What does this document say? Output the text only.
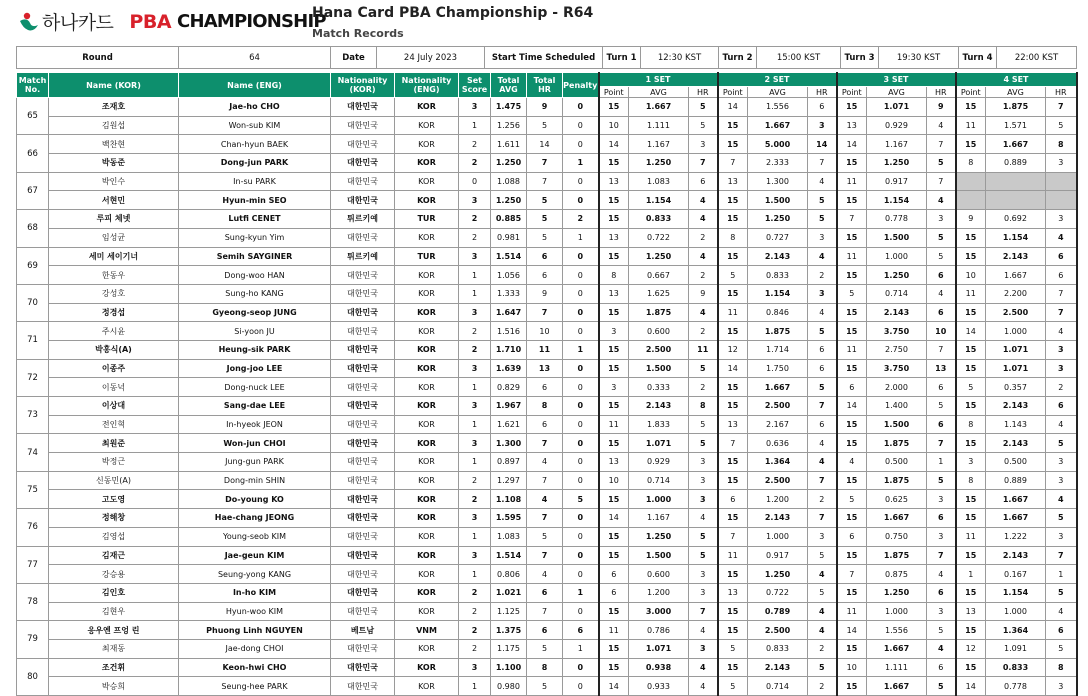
하나카드 PBA CHAMPIONSHIP
Hana Card PBA Championship - R64
Match Records
Round	64	Date	24 July 2023	Start Time Scheduled	Turn 1	12:30 KST	Turn 2	15:00 KST	Turn 3	19:30 KST	Turn 4	22:00 KST
Match No.	Name (KOR)	Name (ENG)	Nationality (KOR)	Nationality (ENG)	Set Score	Total AVG	Total HR	Penalty	1 SET			2 SET			3 SET			4 SET		
									Point	AVG	HR	Point	AVG	HR	Point	AVG	HR	Point	AVG	HR
65	조재호	Jae-ho CHO	대한민국	KOR	3	1.475	9	0	15	1.667	5	14	1.556	6	15	1.071	9	15	1.875	7
	김원섭	Won-sub KIM	대한민국	KOR	1	1.256	5	0	10	1.111	5	15	1.667	3	13	0.929	4	11	1.571	5
66	백찬현	Chan-hyun BAEK	대한민국	KOR	2	1.611	14	0	14	1.167	3	15	5.000	14	14	1.167	7	15	1.667	8
	박동준	Dong-jun PARK	대한민국	KOR	2	1.250	7	1	15	1.250	7	7	2.333	7	15	1.250	5	8	0.889	3
67	박인수	In-su PARK	대한민국	KOR	0	1.088	7	0	13	1.083	6	13	1.300	4	11	0.917	7			
	서현민	Hyun-min SEO	대한민국	KOR	3	1.250	5	0	15	1.154	4	15	1.500	5	15	1.154	4			
68	루피 체넷	Lutfi CENET	튀르키예	TUR	2	0.885	5	2	15	0.833	4	15	1.250	5	7	0.778	3	9	0.692	3
	임성균	Sung-kyun Yim	대한민국	KOR	2	0.981	5	1	13	0.722	2	8	0.727	3	15	1.500	5	15	1.154	4
69	세미 세이기너	Semih SAYGINER	튀르키예	TUR	3	1.514	6	0	15	1.250	4	15	2.143	4	11	1.000	5	15	2.143	6
	한동우	Dong-woo HAN	대한민국	KOR	1	1.056	6	0	8	0.667	2	5	0.833	2	15	1.250	6	10	1.667	6
70	강성호	Sung-ho KANG	대한민국	KOR	1	1.333	9	0	13	1.625	9	15	1.154	3	5	0.714	4	11	2.200	7
	정경섭	Gyeong-seop JUNG	대한민국	KOR	3	1.647	7	0	15	1.875	4	11	0.846	4	15	2.143	6	15	2.500	7
71	주시윤	Si-yoon JU	대한민국	KOR	2	1.516	10	0	3	0.600	2	15	1.875	5	15	3.750	10	14	1.000	4
	박홍식(A)	Heung-sik PARK	대한민국	KOR	2	1.710	11	1	15	2.500	11	12	1.714	6	11	2.750	7	15	1.071	3
72	이종주	Jong-joo LEE	대한민국	KOR	3	1.639	13	0	15	1.500	5	14	1.750	6	15	3.750	13	15	1.071	3
	이동넉	Dong-nuck LEE	대한민국	KOR	1	0.829	6	0	3	0.333	2	15	1.667	5	6	2.000	6	5	0.357	2
73	이상대	Sang-dae LEE	대한민국	KOR	3	1.967	8	0	15	2.143	8	15	2.500	7	14	1.400	5	15	2.143	6
	전인혁	In-hyeok JEON	대한민국	KOR	1	1.621	6	0	11	1.833	5	13	2.167	6	15	1.500	6	8	1.143	4
74	최원준	Won-jun CHOI	대한민국	KOR	3	1.300	7	0	15	1.071	5	7	0.636	4	15	1.875	7	15	2.143	5
	박정근	Jung-gun PARK	대한민국	KOR	1	0.897	4	0	13	0.929	3	15	1.364	4	4	0.500	1	3	0.500	3
75	신동민(A)	Dong-min SHIN	대한민국	KOR	2	1.297	7	0	10	0.714	3	15	2.500	7	15	1.875	5	8	0.889	3
	고도영	Do-young KO	대한민국	KOR	2	1.108	4	5	15	1.000	3	6	1.200	2	5	0.625	3	15	1.667	4
76	정해창	Hae-chang JEONG	대한민국	KOR	3	1.595	7	0	14	1.167	4	15	2.143	7	15	1.667	6	15	1.667	5
	김영섭	Young-seob KIM	대한민국	KOR	1	1.083	5	0	15	1.250	5	7	1.000	3	6	0.750	3	11	1.222	3
77	김재근	Jae-geun KIM	대한민국	KOR	3	1.514	7	0	15	1.500	5	11	0.917	5	15	1.875	7	15	2.143	7
	강승용	Seung-yong KANG	대한민국	KOR	1	0.806	4	0	6	0.600	3	15	1.250	4	7	0.875	4	1	0.167	1
78	김인호	In-ho KIM	대한민국	KOR	2	1.021	6	1	6	1.200	3	13	0.722	5	15	1.250	6	15	1.154	5
	김현우	Hyun-woo KIM	대한민국	KOR	2	1.125	7	0	15	3.000	7	15	0.789	4	11	1.000	3	13	1.000	4
79	응우옌 프엉 린	Phuong Linh NGUYEN	베트남	VNM	2	1.375	6	6	11	0.786	4	15	2.500	4	14	1.556	5	15	1.364	6
	최재동	Jae-dong CHOI	대한민국	KOR	2	1.175	5	1	15	1.071	3	5	0.833	2	15	1.667	4	12	1.091	5
80	조건휘	Keon-hwi CHO	대한민국	KOR	3	1.100	8	0	15	0.938	4	15	2.143	5	10	1.111	6	15	0.833	8
	박승희	Seung-hee PARK	대한민국	KOR	1	0.980	5	0	14	0.933	4	5	0.714	2	15	1.667	5	14	0.778	3
